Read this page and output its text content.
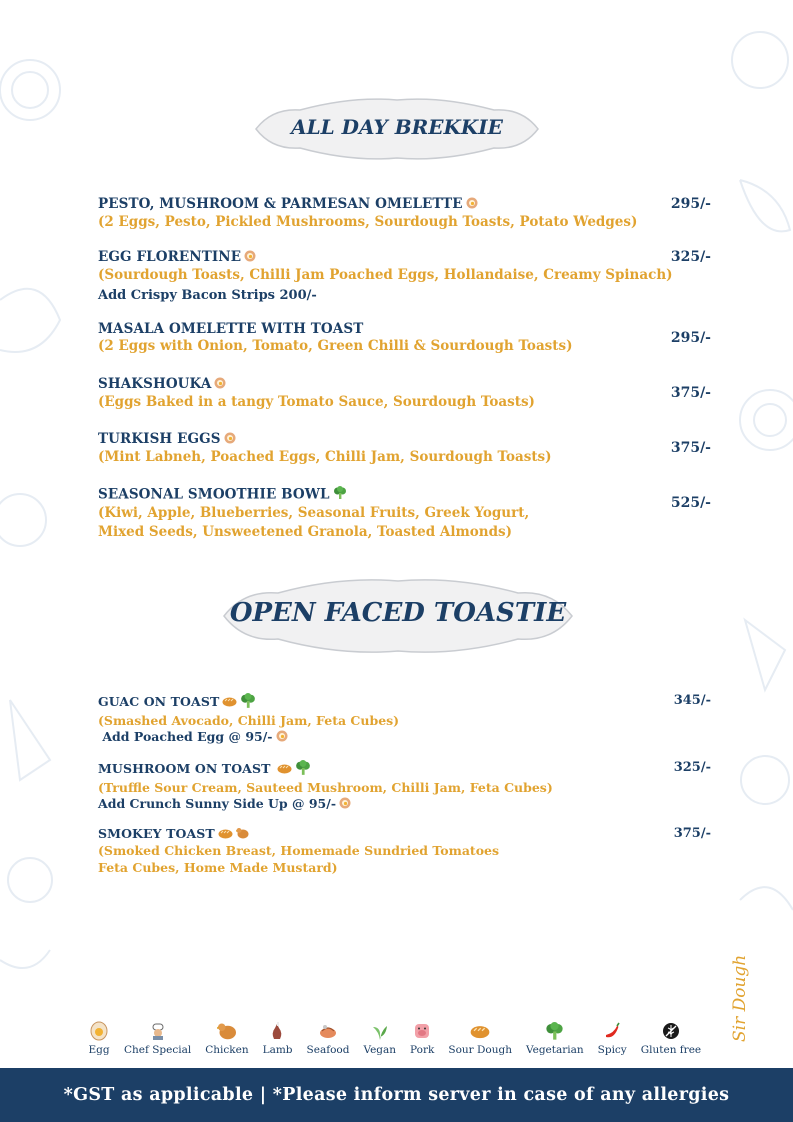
ALL DAY BREKKIE
PESTO, MUSHROOM & PARMESAN OMELETTE
(2 Eggs, Pesto, Pickled Mushrooms, Sourdough Toasts, Potato Wedges)
295/-
EGG FLORENTINE
(Sourdough Toasts, Chilli Jam Poached Eggs, Hollandaise, Creamy Spinach)
Add Crispy Bacon Strips 200/-
325/-
MASALA OMELETTE WITH TOAST
(2 Eggs with Onion, Tomato, Green Chilli & Sourdough Toasts)	295/-
SHAKSHOUKA
(Eggs Baked in a tangy Tomato Sauce, Sourdough Toasts)
375/-
TURKISH EGGS
(Mint Labneh, Poached Eggs, Chilli Jam, Sourdough Toasts)
375/-
SEASONAL SMOOTHIE BOWL
(Kiwi, Apple, Blueberries, Seasonal Fruits, Greek Yogurt,
Mixed Seeds, Unsweetened Granola, Toasted Almonds)
525/-
OPEN FACED TOASTIE
GUAC ON TOAST
(Smashed Avocado, Chilli Jam, Feta Cubes)
Add Poached Egg @ 95/-
345/-
MUSHROOM ON TOAST
(Truffle Sour Cream, Sauteed Mushroom, Chilli Jam, Feta Cubes)
Add Crunch Sunny Side Up @ 95/-
325/-
SMOKEY TOAST
(Smoked Chicken Breast, Homemade Sundried Tomatoes
Feta Cubes, Home Made Mustard)
375/-
Egg Chef Special Chicken Lamb Seafood Vegan Pork Sour Dough Vegetarian Spicy Gluten free
Sir Dough
*GST as applicable | *Please inform server in case of any allergies
